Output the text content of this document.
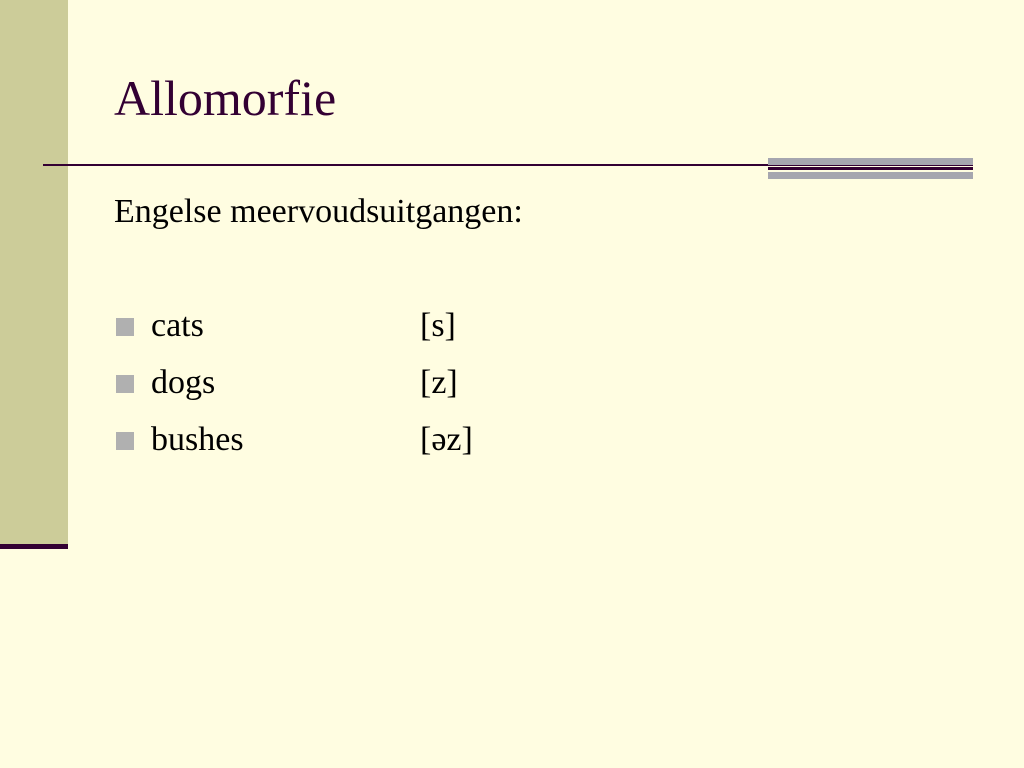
Allomorfie
Engelse meervoudsuitgangen:
cats	[s]
dogs	[z]
bushes	[əz]
